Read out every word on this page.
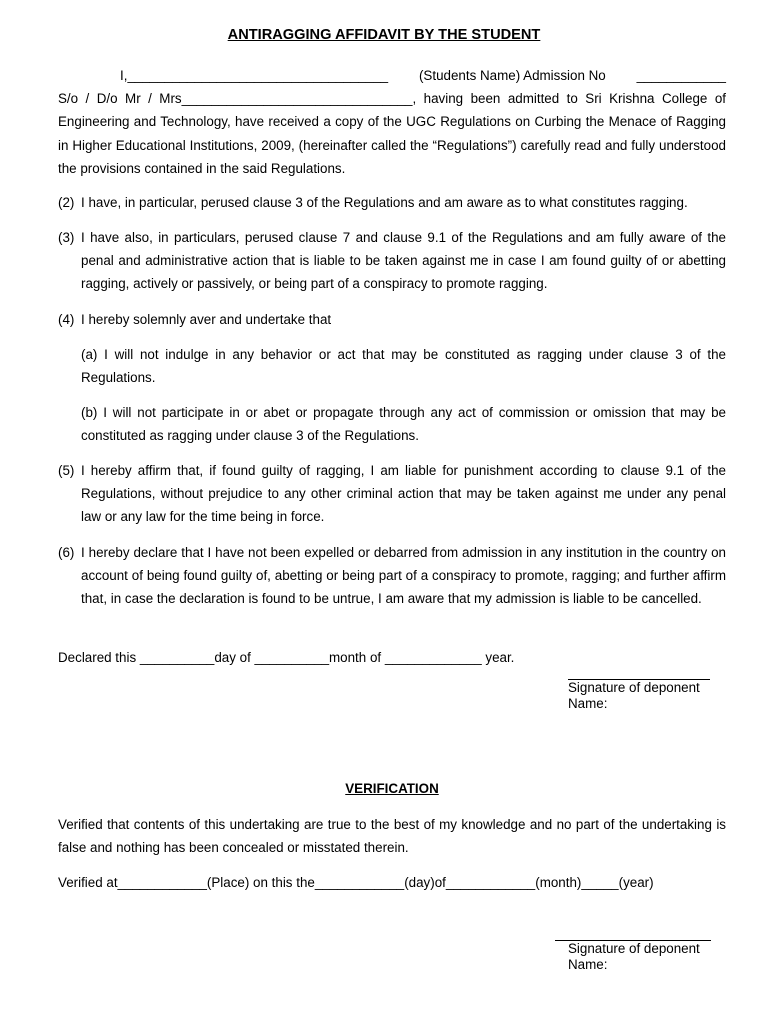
ANTIRAGGING AFFIDAVIT BY THE STUDENT
I,___________________________________ (Students Name) Admission No ____________
S/o / D/o Mr / Mrs_______________________________, having been admitted to Sri Krishna College of Engineering and Technology, have received a copy of the UGC Regulations on Curbing the Menace of Ragging in Higher Educational Institutions, 2009, (hereinafter called the “Regulations”) carefully read and fully understood the provisions contained in the said Regulations.
(2) I have, in particular, perused clause 3 of the Regulations and am aware as to what constitutes ragging.
(3) I have also, in particulars, perused clause 7 and clause 9.1 of the Regulations and am fully aware of the penal and administrative action that is liable to be taken against me in case I am found guilty of or abetting ragging, actively or passively, or being part of a conspiracy to promote ragging.
(4) I hereby solemnly aver and undertake that
(a) I will not indulge in any behavior or act that may be constituted as ragging under clause 3 of the Regulations.
(b) I will not participate in or abet or propagate through any act of commission or omission that may be constituted as ragging under clause 3 of the Regulations.
(5) I hereby affirm that, if found guilty of ragging, I am liable for punishment according to clause 9.1 of the Regulations, without prejudice to any other criminal action that may be taken against me under any penal law or any law for the time being in force.
(6) I hereby declare that I have not been expelled or debarred from admission in any institution in the country on account of being found guilty of, abetting or being part of a conspiracy to promote, ragging; and further affirm that, in case the declaration is found to be untrue, I am aware that my admission is liable to be cancelled.

Declared this __________day of __________month of _____________ year.

Signature of deponent

Name:

VERIFICATION

Verified that contents of this undertaking are true to the best of my knowledge and no part of the undertaking is false and nothing has been concealed or misstated therein.

Verified at____________(Place) on this the____________(day)of____________(month)_____(year)

Signature of deponent

Name:
